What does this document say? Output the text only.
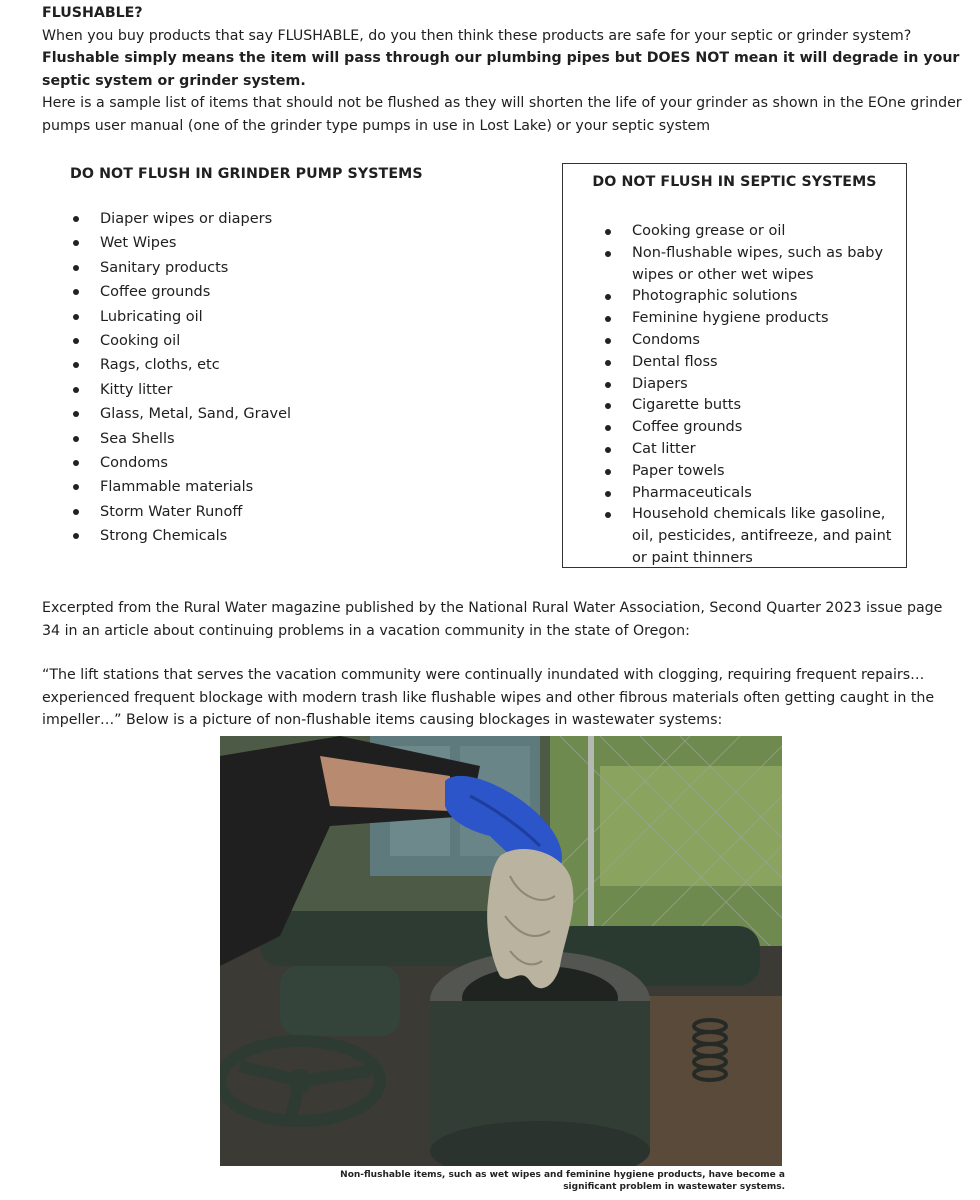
FLUSHABLE?

When you buy products that say FLUSHABLE, do you then think these products are safe for your septic or grinder system?

Flushable simply means the item will pass through our plumbing pipes but DOES NOT mean it will degrade in your septic system or grinder system.

Here is a sample list of items that should not be flushed as they will shorten the life of your grinder as shown in the EOne grinder pumps user manual (one of the grinder type pumps in use in Lost Lake) or your septic system

DO NOT FLUSH IN GRINDER PUMP SYSTEMS
Diaper wipes or diapers
Wet Wipes
Sanitary products
Coffee grounds
Lubricating oil
Cooking oil
Rags, cloths, etc
Kitty litter
Glass, Metal, Sand, Gravel
Sea Shells
Condoms
Flammable materials
Storm Water Runoff
Strong Chemicals
DO NOT FLUSH IN SEPTIC SYSTEMS
Cooking grease or oil
Non-flushable wipes, such as baby wipes or other wet wipes
Photographic solutions
Feminine hygiene products
Condoms
Dental floss
Diapers
Cigarette butts
Coffee grounds
Cat litter
Paper towels
Pharmaceuticals
Household chemicals like gasoline, oil, pesticides, antifreeze, and paint or paint thinners

Excerpted from the Rural Water magazine published by the National Rural Water Association, Second Quarter 2023 issue page 34 in an article about continuing problems in a vacation community in the state of Oregon:

“The lift stations that serves the vacation community were continually inundated with clogging, requiring frequent repairs…experienced frequent blockage with modern trash like flushable wipes and other fibrous materials often getting caught in the impeller…” Below is a picture of non-flushable items causing blockages in wastewater systems:

Non-flushable items, such as wet wipes and feminine hygiene products, have become a
significant problem in wastewater systems.
